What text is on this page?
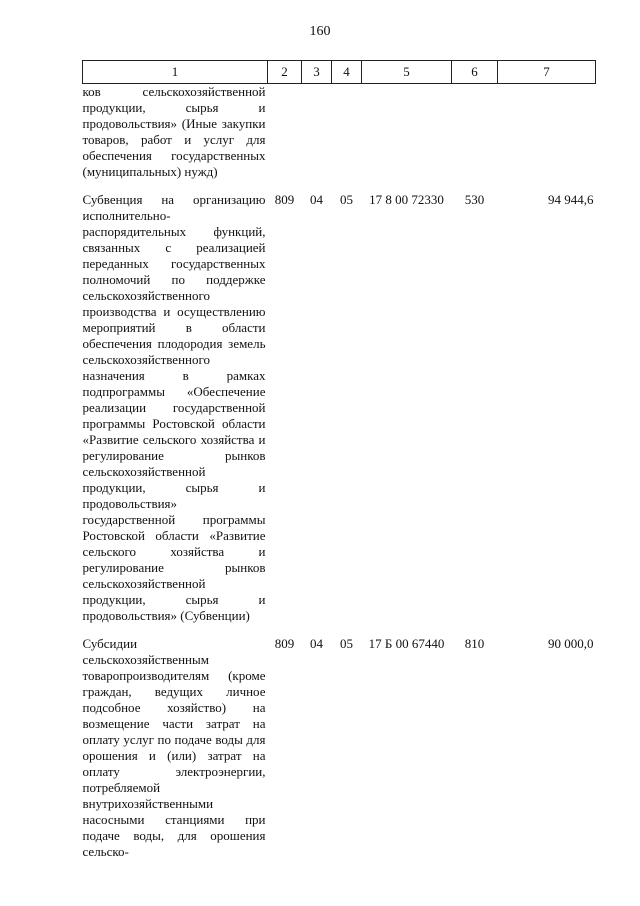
160
1	2	3	4	5	6	7
ков сельскохозяйственной продукции, сырья и продовольствия» (Иные закупки товаров, работ и услуг для обеспечения государственных (муниципальных) нужд)						

Субвенция на организацию исполнительно-распорядительных функций, связанных с реализацией переданных государственных полномочий по поддержке сельскохозяйственного производства и осуществлению мероприятий в области обеспечения плодородия земель сельскохозяйственного назначения в рамках подпрограммы «Обеспечение реализации государственной программы Ростовской области «Развитие сельского хозяйства и регулирование рынков сельскохозяйственной продукции, сырья и продовольствия» государственной программы Ростовской области «Развитие сельского хозяйства и регулирование рынков сельскохозяйственной продукции, сырья и продовольствия» (Субвенции)	809	04	05	17 8 00 72330	530	94 944,6

Субсидии сельскохозяйственным товаропроизводителям (кроме граждан, ведущих личное подсобное хозяйство) на возмещение части затрат на оплату услуг по подаче воды для орошения и (или) затрат на оплату электроэнергии, потребляемой внутрихозяйственными насосными станциями при подаче воды, для орошения сельско-	809	04	05	17 Б 00 67440	810	90 000,0
